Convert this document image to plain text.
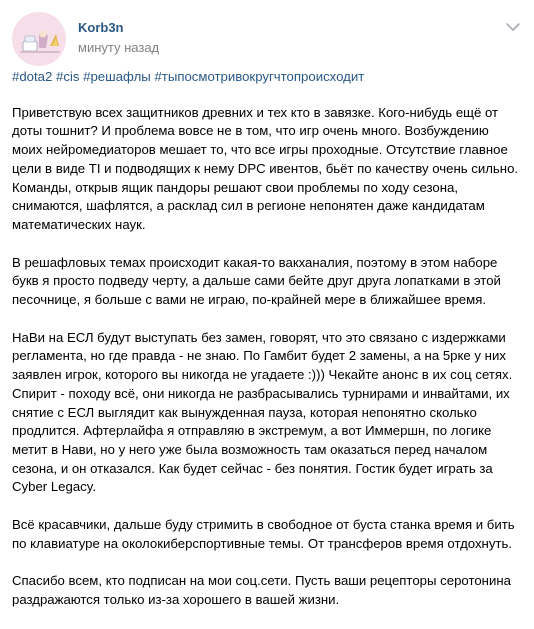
Korb3n
минуту назад
#dota2 #cis #решафлы #тыпосмотривокругчтопроисходит
Приветствую всех защитников древних и тех кто в завязке. Кого-нибудь ещё от
доты тошнит? И проблема вовсе не в том, что игр очень много. Возбуждению
моих нейромедиаторов мешает то, что все игры проходные. Отсутствие главное
цели в виде TI и подводящих к нему DPC ивентов, бьёт по качеству очень сильно.
Команды, открыв ящик пандоры решают свои проблемы по ходу сезона,
снимаются, шафлятся, а расклад сил в регионе непонятен даже кандидатам
математических наук.
В решафловых темах происходит какая-то вакханалия, поэтому в этом наборе
букв я просто подведу черту, а дальше сами бейте друг друга лопатками в этой
песочнице, я больше с вами не играю, по-крайней мере в ближайшее время.
НаВи на ЕСЛ будут выступать без замен, говорят, что это связано с издержками
регламента, но где правда - не знаю. По Гамбит будет 2 замены, а на 5рке у них
заявлен игрок, которого вы никогда не угадаете :))) Чекайте анонс в их соц сетях.
Спирит - походу всё, они никогда не разбрасывались турнирами и инвайтами, их
снятие с ЕСЛ выглядит как вынужденная пауза, которая непонятно сколько
продлится. Афтерлайфа я отправляю в экстремум, а вот Иммершн, по логике
метит в Нави, но у него уже была возможность там оказаться перед началом
сезона, и он отказался. Как будет сейчас - без понятия. Гостик будет играть за
Cyber Legacy.
Всё красавчики, дальше буду стримить в свободное от буста станка время и бить
по клавиатуре на околокиберспортивные темы. От трансферов время отдохнуть.
Спасибо всем, кто подписан на мои соц.сети. Пусть ваши рецепторы серотонина
раздражаются только из-за хорошего в вашей жизни.
